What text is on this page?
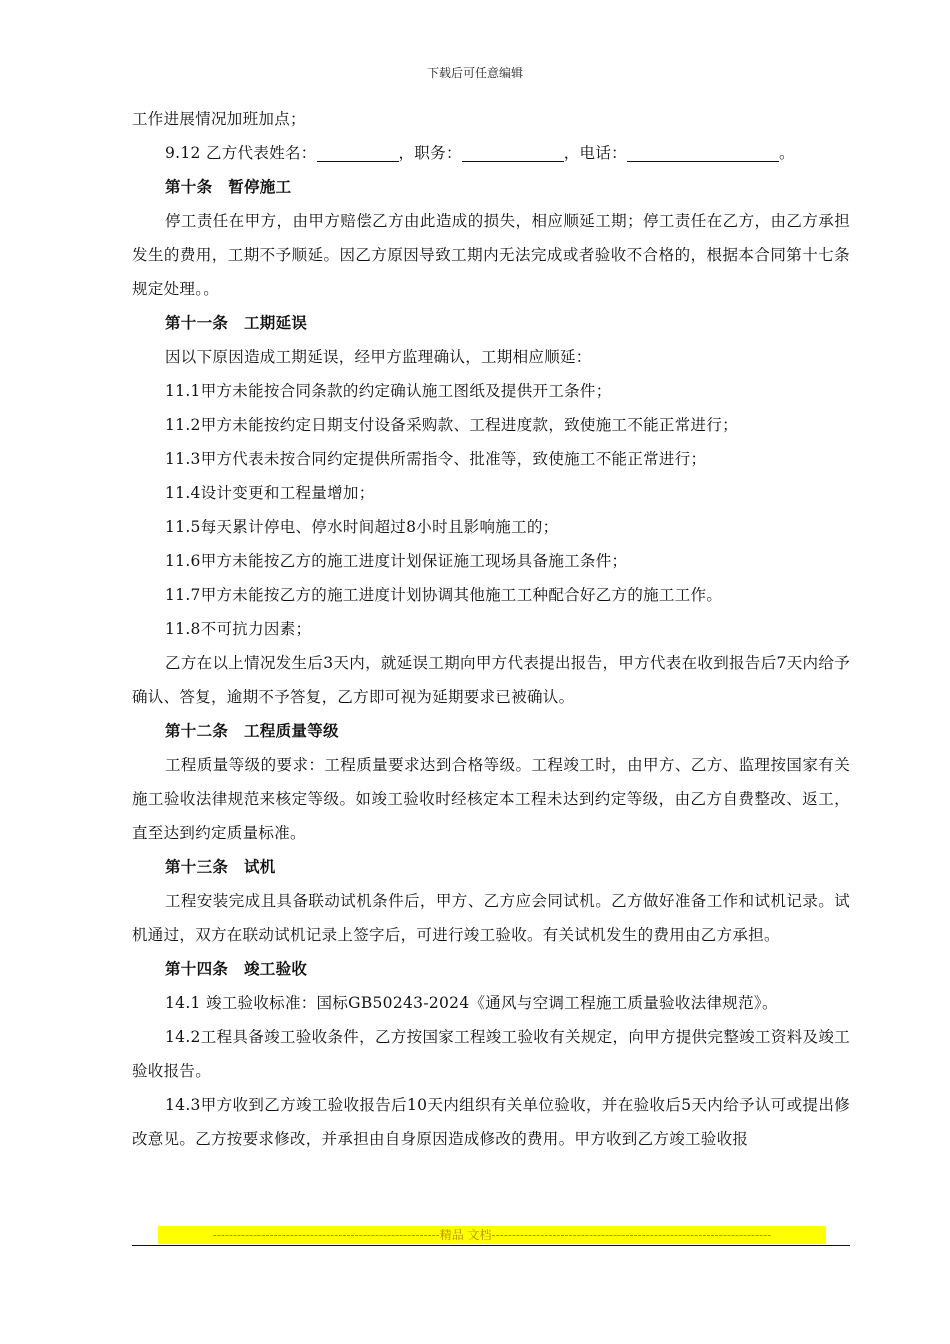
下载后可任意编辑

工作进展情况加班加点；

9.12 乙方代表姓名：	，职务：	，电话：	。

第十条　暂停施工

停工责任在甲方，由甲方赔偿乙方由此造成的损失，相应顺延工期；停工责任在乙方，由乙方承担发生的费用，工期不予顺延。因乙方原因导致工期内无法完成或者验收不合格的，根据本合同第十七条规定处理。。

第十一条　工期延误

因以下原因造成工期延误，经甲方监理确认，工期相应顺延：

11.1甲方未能按合同条款的约定确认施工图纸及提供开工条件；

11.2甲方未能按约定日期支付设备采购款、工程进度款，致使施工不能正常进行；

11.3甲方代表未按合同约定提供所需指令、批准等，致使施工不能正常进行；

11.4设计变更和工程量增加；

11.5每天累计停电、停水时间超过8小时且影响施工的；

11.6甲方未能按乙方的施工进度计划保证施工现场具备施工条件；

11.7甲方未能按乙方的施工进度计划协调其他施工工种配合好乙方的施工工作。

11.8不可抗力因素；

乙方在以上情况发生后3天内，就延误工期向甲方代表提出报告，甲方代表在收到报告后7天内给予确认、答复，逾期不予答复，乙方即可视为延期要求已被确认。

第十二条　工程质量等级

工程质量等级的要求：工程质量要求达到合格等级。工程竣工时，由甲方、乙方、监理按国家有关施工验收法律规范来核定等级。如竣工验收时经核定本工程未达到约定等级，由乙方自费整改、返工，直至达到约定质量标准。

第十三条　试机

工程安装完成且具备联动试机条件后，甲方、乙方应会同试机。乙方做好准备工作和试机记录。试机通过，双方在联动试机记录上签字后，可进行竣工验收。有关试机发生的费用由乙方承担。

第十四条　竣工验收

14.1 竣工验收标准：国标GB50243-2024《通风与空调工程施工质量验收法律规范》。

14.2工程具备竣工验收条件，乙方按国家工程竣工验收有关规定，向甲方提供完整竣工资料及竣工验收报告。

14.3甲方收到乙方竣工验收报告后10天内组织有关单位验收，并在验收后5天内给予认可或提出修改意见。乙方按要求修改，并承担由自身原因造成修改的费用。甲方收到乙方竣工验收报

--------------------------------------------------------精品 文档---------------------------------------------------------------------
